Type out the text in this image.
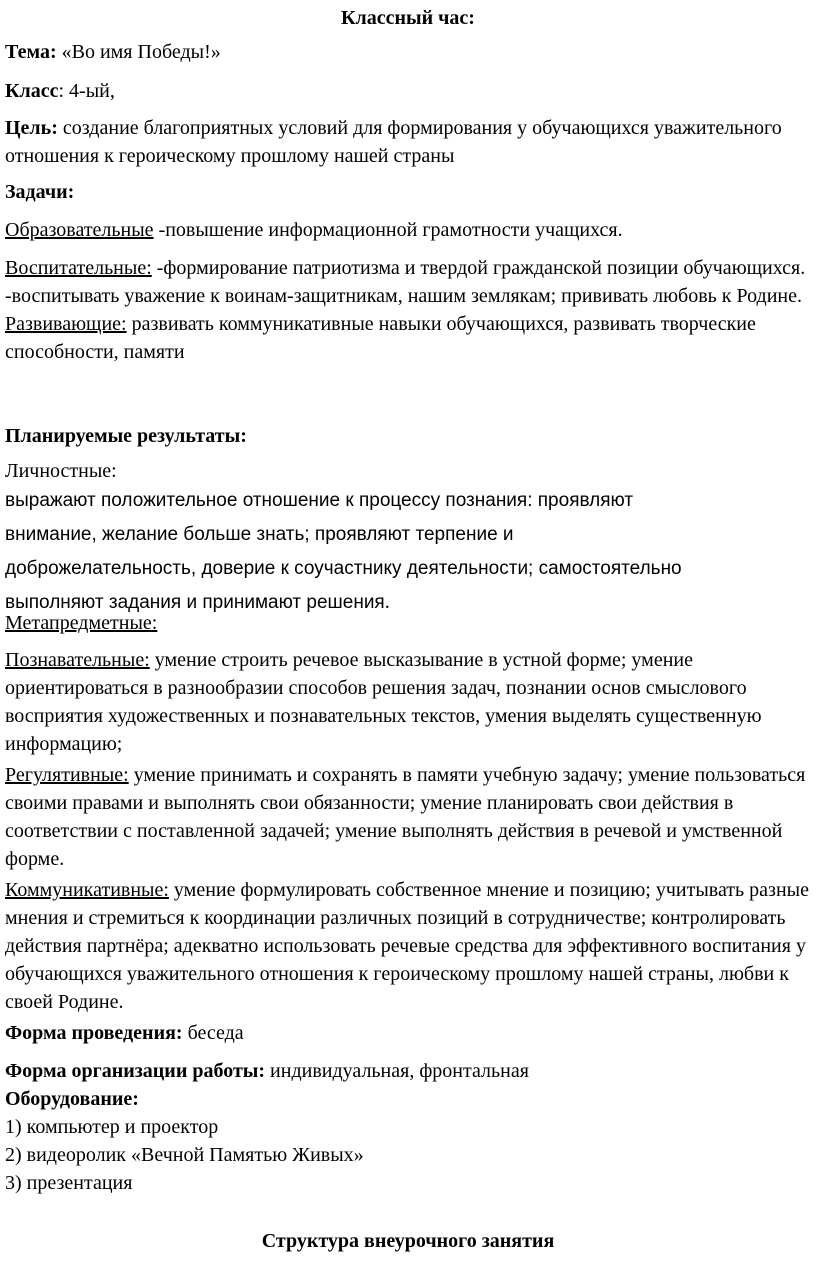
Классный час:

Тема: «Во имя Победы!»

Класс: 4-ый,

Цель: создание благоприятных условий для формирования у обучающихся уважительного отношения к героическому прошлому нашей страны

Задачи:

Образовательные -повышение информационной грамотности учащихся.

Воспитательные: -формирование патриотизма и твердой гражданской позиции обучающихся.
-воспитывать уважение к воинам-защитникам, нашим землякам; прививать любовь к Родине.
Развивающие: развивать коммуникативные навыки обучающихся, развивать творческие способности, памяти

Планируемые результаты:

Личностные:

выражают положительное отношение к процессу познания: проявляют внимание, желание больше знать; проявляют терпение и доброжелательность, доверие к соучастнику деятельности; самостоятельно выполняют задания и принимают решения.

Метапредметные:

Познавательные: умение строить речевое высказывание в устной форме; умение ориентироваться в разнообразии способов решения задач, познании основ смыслового восприятия художественных и познавательных текстов, умения выделять существенную информацию;

Регулятивные: умение принимать и сохранять в памяти учебную задачу; умение пользоваться своими правами и выполнять свои обязанности; умение планировать свои действия в соответствии с поставленной задачей; умение выполнять действия в речевой и умственной форме.

Коммуникативные: умение формулировать собственное мнение и позицию; учитывать разные мнения и стремиться к координации различных позиций в сотрудничестве; контролировать действия партнёра; адекватно использовать речевые средства для эффективного воспитания у обучающихся уважительного отношения к героическому прошлому нашей страны, любви к своей Родине.

Форма проведения: беседа

Форма организации работы: индивидуальная, фронтальная
Оборудование:
1) компьютер и проектор
2) видеоролик «Вечной Памятью Живых»
3) презентация

Структура внеурочного занятия
